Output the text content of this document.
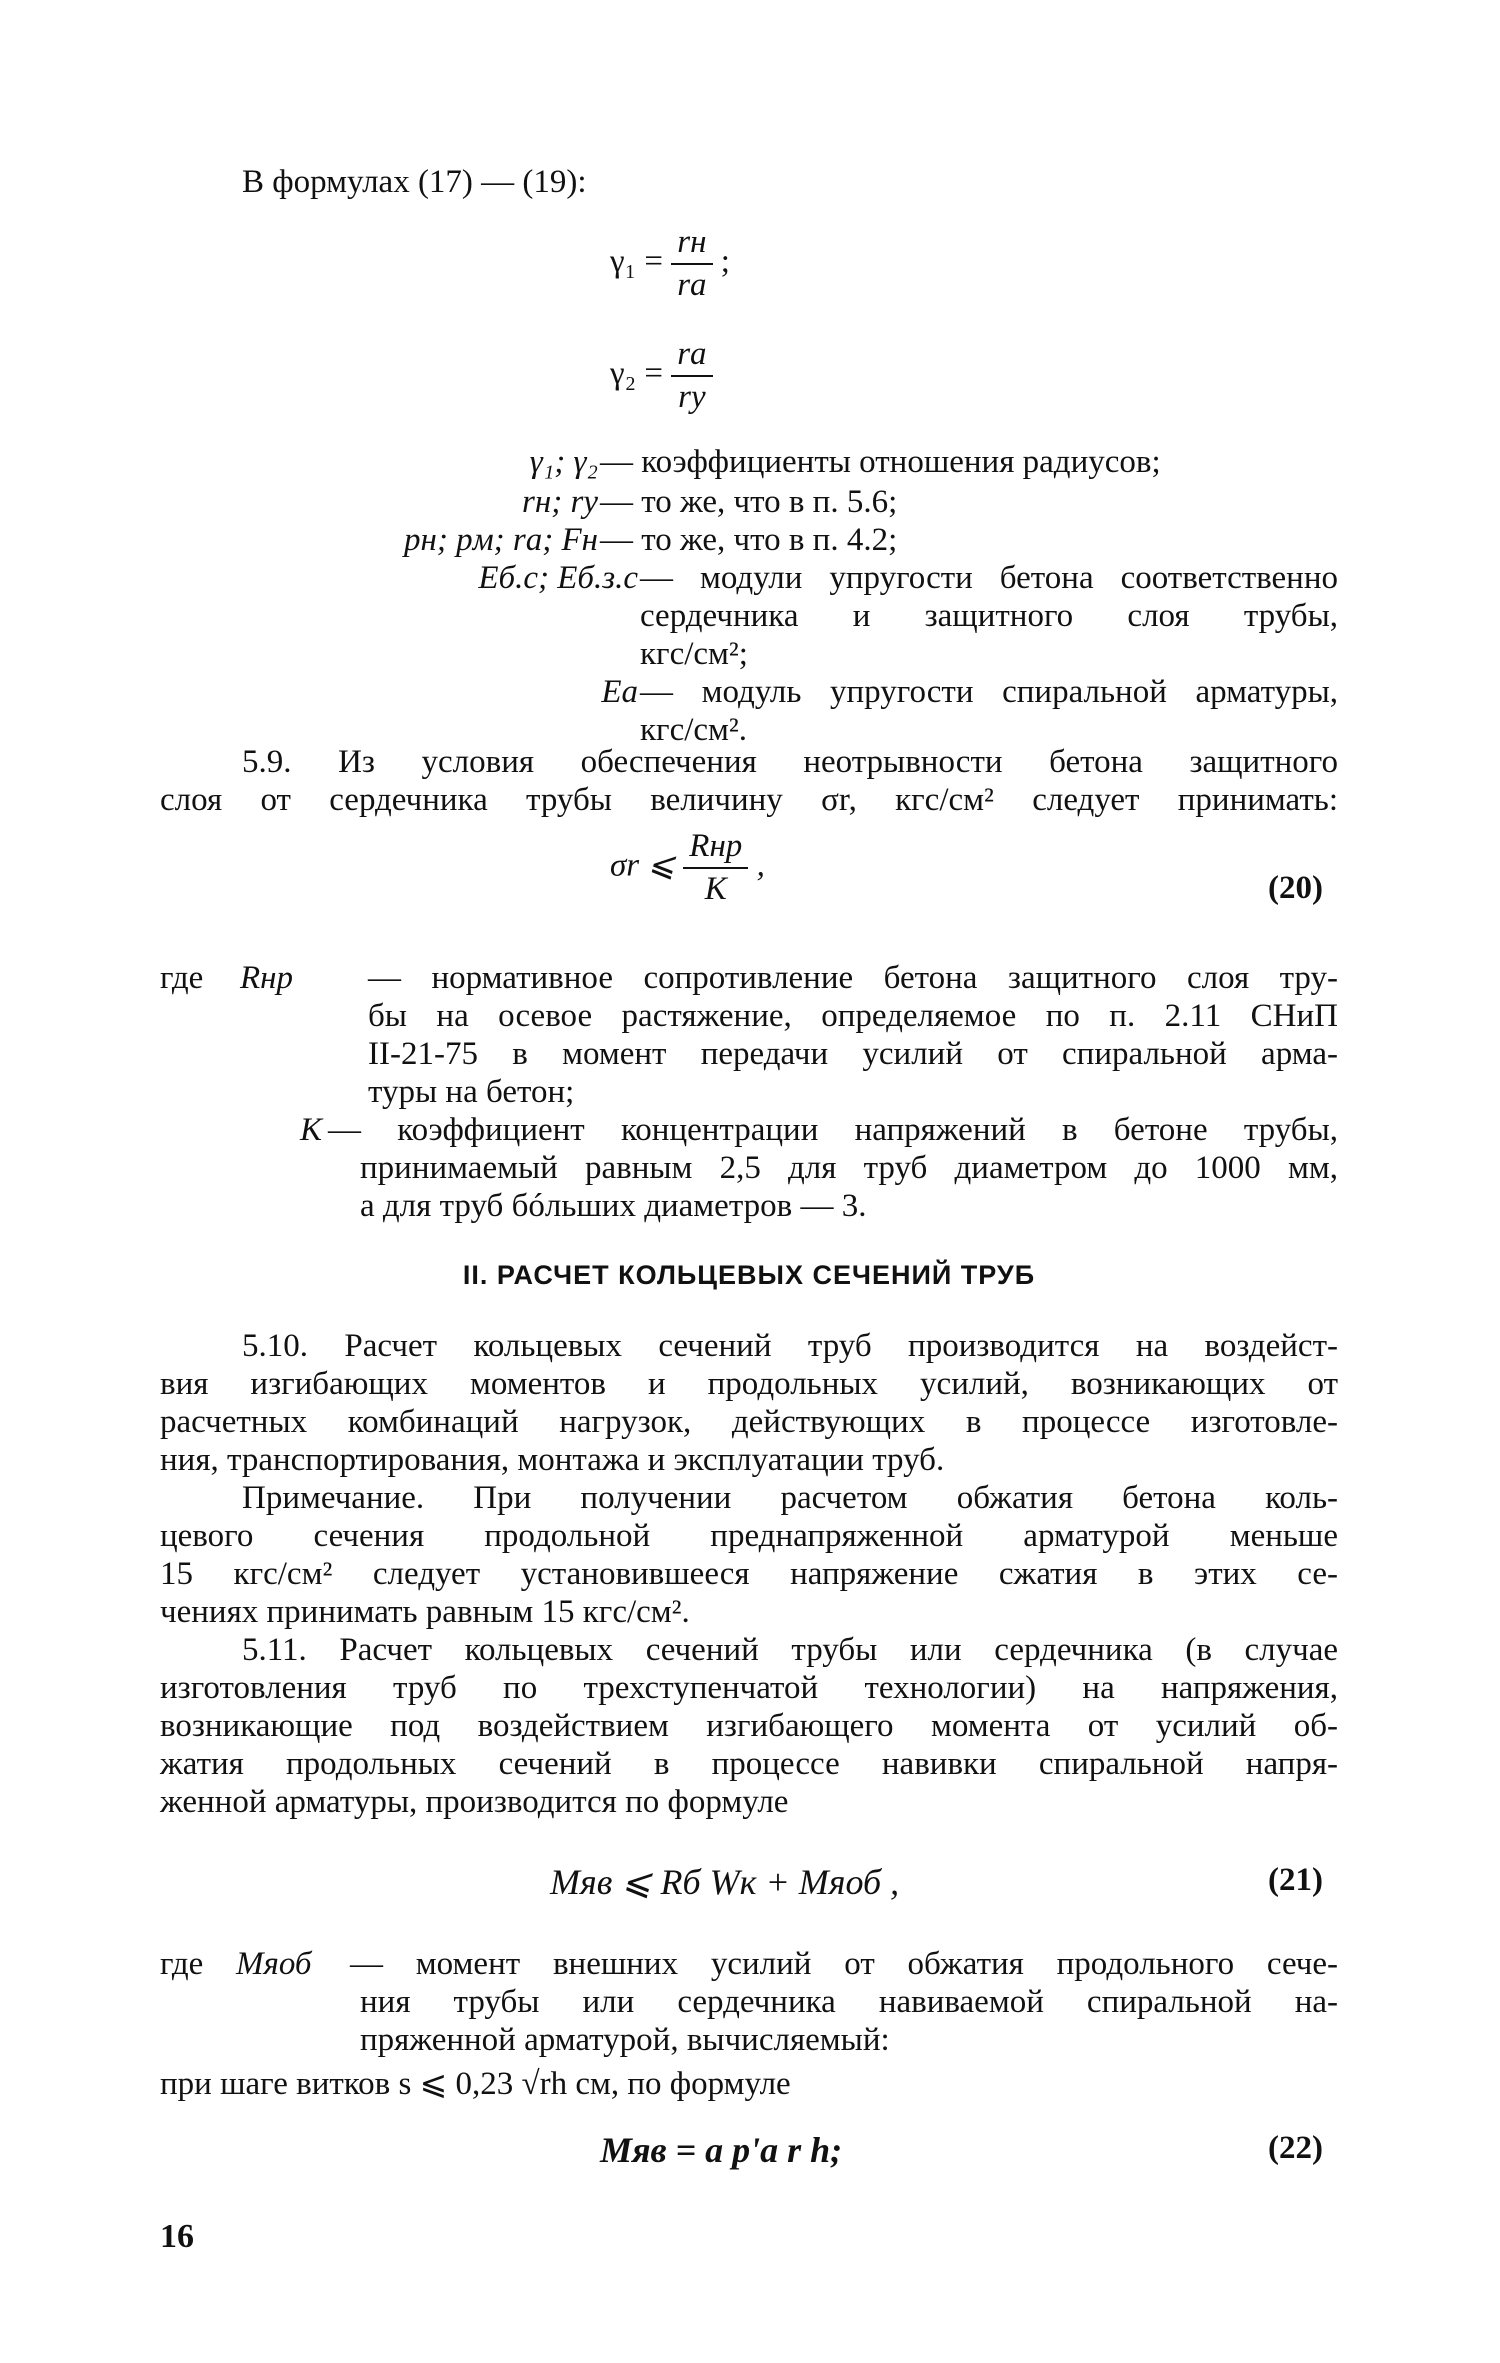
В формулах (17) — (19):
$\gamma_1 = \frac{rн}{rа}$ ;
$\gamma_2 = \frac{rа}{rу}$
γ₁; γ₂ — коэффициенты отношения радиусов;
rн; rу — то же, что в п. 5.6;
pн; pм; rа; Fн — то же, что в п. 4.2;
Eб.с; Eб.з.с — модули упругости бетона соответственно
сердечника и защитного слоя трубы,
кгс/см²;
Eа — модуль упругости спиральной арматуры,
кгс/см².
5.9. Из условия обеспечения неотрывности бетона защитного
слоя от сердечника трубы величину σr, кгс/см² следует принимать:
σr ⩽ $\frac{\text{Rнр}}{K}$ ,
(20)
где Rнр — нормативное сопротивление бетона защитного слоя тру-
бы на осевое растяжение, определяемое по п. 2.11 СНиП
II-21-75 в момент передачи усилий от спиральной арма-
туры на бетон;
K — коэффициент концентрации напряжений в бетоне трубы,
принимаемый равным 2,5 для труб диаметром до 1000 мм,
а для труб бóльших диаметров — 3.
II. РАСЧЕТ КОЛЬЦЕВЫХ СЕЧЕНИЙ ТРУБ
5.10. Расчет кольцевых сечений труб производится на воздейст-
вия изгибающих моментов и продольных усилий, возникающих от
расчетных комбинаций нагрузок, действующих в процессе изготовле-
ния, транспортирования, монтажа и эксплуатации труб.
Примечание. При получении расчетом обжатия бетона коль-
цевого сечения продольной преднапряженной арматурой меньше
15 кгс/см² следует установившееся напряжение сжатия в этих се-
чениях принимать равным 15 кгс/см².
5.11. Расчет кольцевых сечений трубы или сердечника (в случае
изготовления труб по трехступенчатой технологии) на напряжения,
возникающие под воздействием изгибающего момента от усилий об-
жатия продольных сечений в процессе навивки спиральной напря-
женной арматуры, производится по формуле
Mяв ⩽ Rб Wк + Mяоб ,	(21)
где Mяоб — момент внешних усилий от обжатия продольного сече-
ния трубы или сердечника навиваемой спиральной на-
пряженной арматурой, вычисляемый:
при шаге витков s ⩽ 0,23 √rh см, по формуле
Mяв = a p'а r h;	(22)
16
